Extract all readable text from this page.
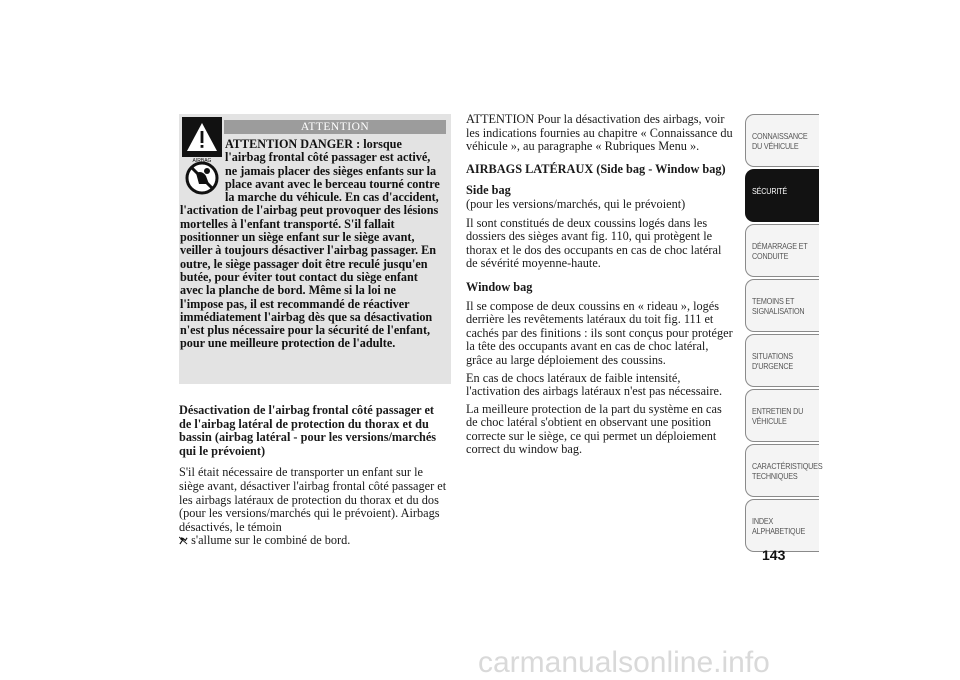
ATTENTION
AIRBAG
ATTENTION DANGER : lorsque l'airbag frontal côté passager est activé, ne jamais placer des sièges enfants sur la place avant avec le berceau tourné contre la marche du véhicule. En cas d'accident, l'activation de l'airbag peut provoquer des lésions mortelles à l'enfant transporté. S'il fallait positionner un siège enfant sur le siège avant, veiller à toujours désactiver l'airbag passager. En outre, le siège passager doit être reculé jusqu'en butée, pour éviter tout contact du siège enfant avec la planche de bord. Même si la loi ne l'impose pas, il est recommandé de réactiver immédiatement l'airbag dès que sa désactivation n'est plus nécessaire pour la sécurité de l'enfant, pour une meilleure protection de l'adulte.

Désactivation de l'airbag frontal côté passager et de l'airbag latéral de protection du thorax et du bassin (airbag latéral - pour les versions/marchés qui le prévoient)

S'il était nécessaire de transporter un enfant sur le siège avant, désactiver l'airbag frontal côté passager et les airbags latéraux de protection du thorax et du dos (pour les versions/marchés qui le prévoient). Airbags désactivés, le témoin
s'allume sur le combiné de bord.

ATTENTION Pour la désactivation des airbags, voir les indications fournies au chapitre « Connaissance du véhicule », au paragraphe « Rubriques Menu ».

AIRBAGS LATÉRAUX (Side bag - Window bag)

Side bag

(pour les versions/marchés, qui le prévoient)

Il sont constitués de deux coussins logés dans les dossiers des sièges avant fig. 110, qui protègent le thorax et le dos des occupants en cas de choc latéral de sévérité moyenne-haute.

Window bag

Il se compose de deux coussins en « rideau », logés derrière les revêtements latéraux du toit fig. 111 et cachés par des finitions : ils sont conçus pour protéger la tête des occupants avant en cas de choc latéral, grâce au large déploiement des coussins.

En cas de chocs latéraux de faible intensité, l'activation des airbags latéraux n'est pas nécessaire.

La meilleure protection de la part du système en cas de choc latéral s'obtient en observant une position correcte sur le siège, ce qui permet un déploiement correct du window bag.

CONNAISSANCE DU VÉHICULE
SÉCURITÉ
DÉMARRAGE ET CONDUITE
TEMOINS ET SIGNALISATION
SITUATIONS D'URGENCE
ENTRETIEN DU VÉHICULE
CARACTÉRISTIQUES TECHNIQUES
INDEX ALPHABETIQUE
143
carmanualsonline.info
